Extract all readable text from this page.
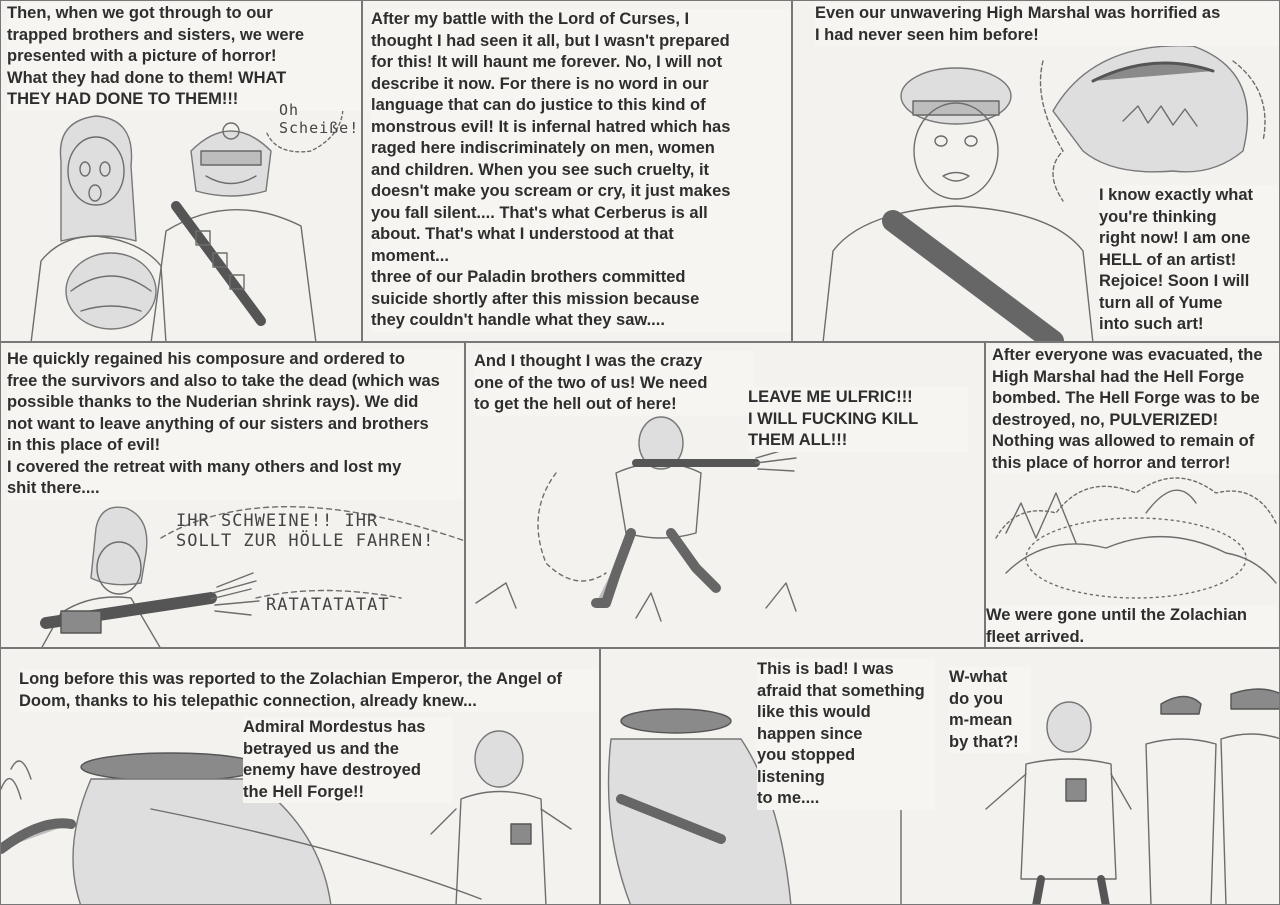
Then, when we got through to our
trapped brothers and sisters, we were
presented with a picture of horror!
What they had done to them! WHAT
THEY HAD DONE TO THEM!!!
Oh
Scheiße!
After my battle with the Lord of Curses, I
thought I had seen it all, but I wasn't prepared
for this! It will haunt me forever. No, I will not
describe it now. For there is no word in our
language that can do justice to this kind of
monstrous evil! It is infernal hatred which has
raged here indiscriminately on men, women
and children. When you see such cruelty, it
doesn't make you scream or cry, it just makes
you fall silent.... That's what Cerberus is all
about. That's what I understood at that
moment...
three of our Paladin brothers committed
suicide shortly after this mission because
they couldn't handle what they saw....
Even our unwavering High Marshal was horrified as
I had never seen him before!
I know exactly what
you're thinking
right now! I am one
HELL of an artist!
Rejoice! Soon I will
turn all of Yume
into such art!
He quickly regained his composure and ordered to
free the survivors and also to take the dead (which was
possible thanks to the Nuderian shrink rays). We did
not want to leave anything of our sisters and brothers
in this place of evil!
I covered the retreat with many others and lost my
shit there....
IHR SCHWEINE!! IHR
SOLLT ZUR HÖLLE FAHREN!
RATATATATAT
And I thought I was the crazy
one of the two of us! We need
to get the hell out of here!	LEAVE ME ULFRIC!!!
I WILL FUCKING KILL
THEM ALL!!!
After everyone was evacuated, the
High Marshal had the Hell Forge
bombed. The Hell Forge was to be
destroyed, no, PULVERIZED!
Nothing was allowed to remain of
this place of horror and terror!
We were gone until the Zolachian
fleet arrived.
Long before this was reported to the Zolachian Emperor, the Angel of
Doom, thanks to his telepathic connection, already knew...
Admiral Mordestus has
betrayed us and the
enemy have destroyed
the Hell Forge!!
This is bad! I was
afraid that something
like this would
happen since
you stopped
listening
to me....
W-what
do you
m-mean
by that?!
